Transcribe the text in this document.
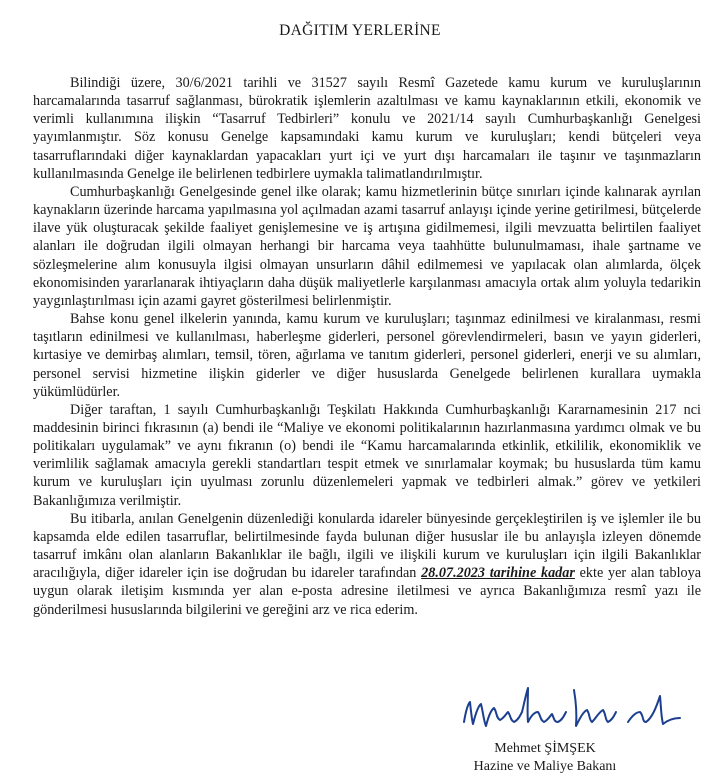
DAĞITIM YERLERİNE

Bilindiği üzere, 30/6/2021 tarihli ve 31527 sayılı Resmî Gazetede kamu kurum ve kuruluşlarının harcamalarında tasarruf sağlanması, bürokratik işlemlerin azaltılması ve kamu kaynaklarının etkili, ekonomik ve verimli kullanımına ilişkin “Tasarruf Tedbirleri” konulu ve 2021/14 sayılı Cumhurbaşkanlığı Genelgesi yayımlanmıştır. Söz konusu Genelge kapsamındaki kamu kurum ve kuruluşları; kendi bütçeleri veya tasarruflarındaki diğer kaynaklardan yapacakları yurt içi ve yurt dışı harcamaları ile taşınır ve taşınmazların kullanılmasında Genelge ile belirlenen tedbirlere uymakla talimatlandırılmıştır.

Cumhurbaşkanlığı Genelgesinde genel ilke olarak; kamu hizmetlerinin bütçe sınırları içinde kalınarak ayrılan kaynakların üzerinde harcama yapılmasına yol açılmadan azami tasarruf anlayışı içinde yerine getirilmesi, bütçelerde ilave yük oluşturacak şekilde faaliyet genişlemesine ve iş artışına gidilmemesi, ilgili mevzuatta belirtilen faaliyet alanları ile doğrudan ilgili olmayan herhangi bir harcama veya taahhütte bulunulmaması, ihale şartname ve sözleşmelerine alım konusuyla ilgisi olmayan unsurların dâhil edilmemesi ve yapılacak olan alımlarda, ölçek ekonomisinden yararlanarak ihtiyaçların daha düşük maliyetlerle karşılanması amacıyla ortak alım yoluyla tedarikin yaygınlaştırılması için azami gayret gösterilmesi belirlenmiştir.

Bahse konu genel ilkelerin yanında, kamu kurum ve kuruluşları; taşınmaz edinilmesi ve kiralanması, resmi taşıtların edinilmesi ve kullanılması, haberleşme giderleri, personel görevlendirmeleri, basın ve yayın giderleri, kırtasiye ve demirbaş alımları, temsil, tören, ağırlama ve tanıtım giderleri, personel giderleri, enerji ve su alımları, personel servisi hizmetine ilişkin giderler ve diğer hususlarda Genelgede belirlenen kurallara uymakla yükümlüdürler.

Diğer taraftan, 1 sayılı Cumhurbaşkanlığı Teşkilatı Hakkında Cumhurbaşkanlığı Kararnamesinin 217 nci maddesinin birinci fıkrasının (a) bendi ile “Maliye ve ekonomi politikalarının hazırlanmasına yardımcı olmak ve bu politikaları uygulamak” ve aynı fıkranın (o) bendi ile “Kamu harcamalarında etkinlik, etkililik, ekonomiklik ve verimlilik sağlamak amacıyla gerekli standartları tespit etmek ve sınırlamalar koymak; bu hususlarda tüm kamu kurum ve kuruluşları için uyulması zorunlu düzenlemeleri yapmak ve tedbirleri almak.” görev ve yetkileri Bakanlığımıza verilmiştir.

Bu itibarla, anılan Genelgenin düzenlediği konularda idareler bünyesinde gerçekleştirilen iş ve işlemler ile bu kapsamda elde edilen tasarruflar, belirtilmesinde fayda bulunan diğer hususlar ile bu anlayışla izleyen dönemde tasarruf imkânı olan alanların Bakanlıklar ile bağlı, ilgili ve ilişkili kurum ve kuruluşları için ilgili Bakanlıklar aracılığıyla, diğer idareler için ise doğrudan bu idareler tarafından 28.07.2023 tarihine kadar ekte yer alan tabloya uygun olarak iletişim kısmında yer alan e-posta adresine iletilmesi ve ayrıca Bakanlığımıza resmî yazı ile gönderilmesi hususlarında bilgilerini ve gereğini arz ve rica ederim.

Mehmet ŞİMŞEK
Hazine ve Maliye Bakanı
